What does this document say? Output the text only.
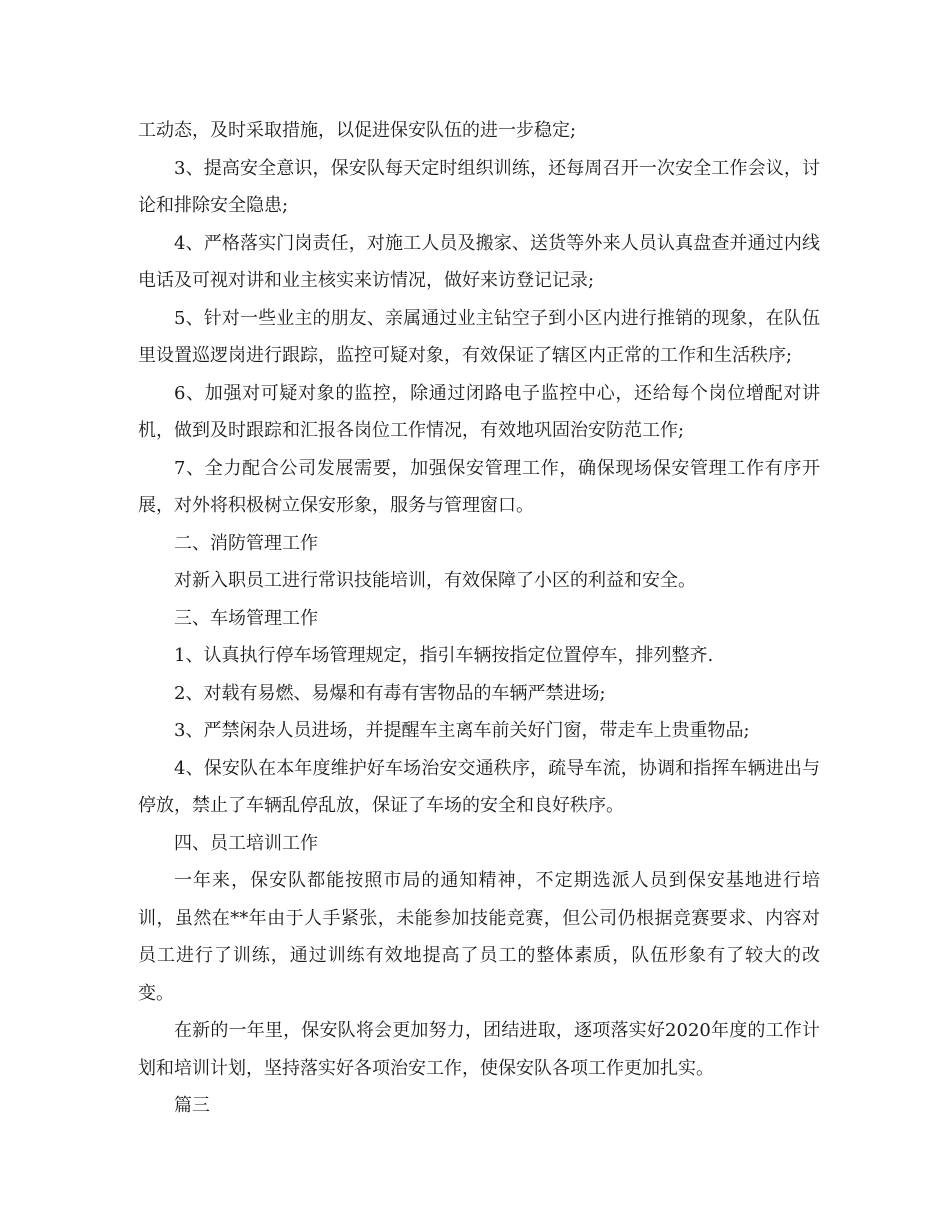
工动态，及时采取措施，以促进保安队伍的进一步稳定;

3、提高安全意识，保安队每天定时组织训练，还每周召开一次安全工作会议，讨论和排除安全隐患;

4、严格落实门岗责任，对施工人员及搬家、送货等外来人员认真盘查并通过内线电话及可视对讲和业主核实来访情况，做好来访登记记录;

5、针对一些业主的朋友、亲属通过业主钻空子到小区内进行推销的现象，在队伍里设置巡逻岗进行跟踪，监控可疑对象，有效保证了辖区内正常的工作和生活秩序;

6、加强对可疑对象的监控，除通过闭路电子监控中心，还给每个岗位增配对讲机，做到及时跟踪和汇报各岗位工作情况，有效地巩固治安防范工作;

7、全力配合公司发展需要，加强保安管理工作，确保现场保安管理工作有序开展，对外将积极树立保安形象，服务与管理窗口。

二、消防管理工作

对新入职员工进行常识技能培训，有效保障了小区的利益和安全。

三、车场管理工作

1、认真执行停车场管理规定，指引车辆按指定位置停车，排列整齐.

2、对载有易燃、易爆和有毒有害物品的车辆严禁进场;

3、严禁闲杂人员进场，并提醒车主离车前关好门窗，带走车上贵重物品;

4、保安队在本年度维护好车场治安交通秩序，疏导车流，协调和指挥车辆进出与停放，禁止了车辆乱停乱放，保证了车场的安全和良好秩序。

四、员工培训工作

一年来，保安队都能按照市局的通知精神，不定期选派人员到保安基地进行培训，虽然在**年由于人手紧张，未能参加技能竞赛，但公司仍根据竞赛要求、内容对员工进行了训练，通过训练有效地提高了员工的整体素质，队伍形象有了较大的改变。

在新的一年里，保安队将会更加努力，团结进取，逐项落实好2020年度的工作计划和培训计划，坚持落实好各项治安工作，使保安队各项工作更加扎实。

篇三
